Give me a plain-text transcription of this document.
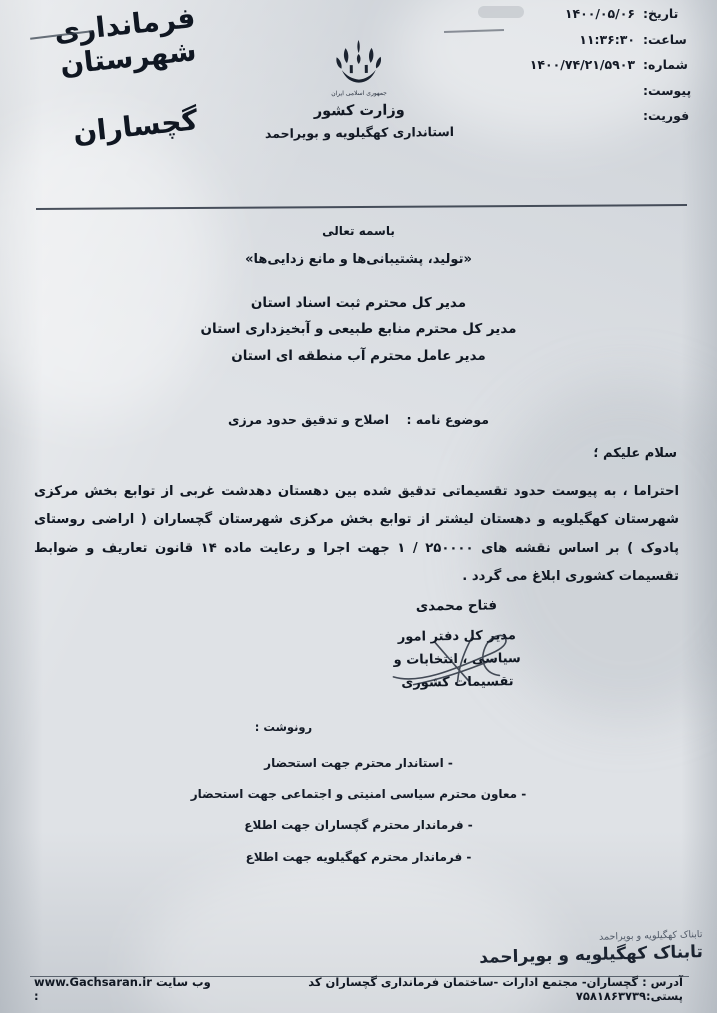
تاریخ:
۱۴۰۰/۰۵/۰۶
ساعت:
۱۱:۳۶:۳۰
شماره:
۱۴۰۰/۷۴/۲۱/۵۹۰۳
پیوست:
فوریت:
جمهوری اسلامی ایران
وزارت کشور
استانداری کهگیلویه و بویراحمد
فرمانداری شهرستان
گچساران
باسمه تعالی
«تولید، پشتیبانی‌ها و مانع زدایی‌ها»
مدیر کل محترم ثبت اسناد استان
مدیر کل محترم منابع طبیعی و آبخیزداری استان
مدیر عامل محترم آب منطقه ای استان
موضوع نامه :    اصلاح و تدقیق حدود مرزی
سلام علیکم ؛
احتراما ، به پیوست حدود تقسیماتی تدقیق شده بین دهستان دهدشت غربی از توابع بخش مرکزی شهرستان کهگیلویه و دهستان لیشتر از توابع بخش مرکزی شهرستان گچساران ( اراضی روستای پادوک ) بر اساس نقشه های ۲۵۰۰۰۰ / ۱ جهت اجرا و رعایت ماده ۱۴ قانون تعاریف و ضوابط تقسیمات کشوری ابلاغ می گردد .
فتاح محمدی
مدیر کل دفتر امور
سیاسی ، انتخابات و
تقسیمات کشوری
رونوشت :
- استاندار محترم جهت استحضار
- معاون محترم سیاسی امنیتی و اجتماعی جهت استحضار
- فرماندار محترم گچساران جهت اطلاع
- فرماندار محترم کهگیلویه جهت اطلاع
تابناک کهگیلویه و بویراحمد
تابناک کهگیلویه و بویراحمد
آدرس : گچساران- مجتمع ادارات -ساختمان فرمانداری گچساران کد پستی:۷۵۸۱۸۶۳۷۳۹
www.Gachsaran.ir وب سایت :
